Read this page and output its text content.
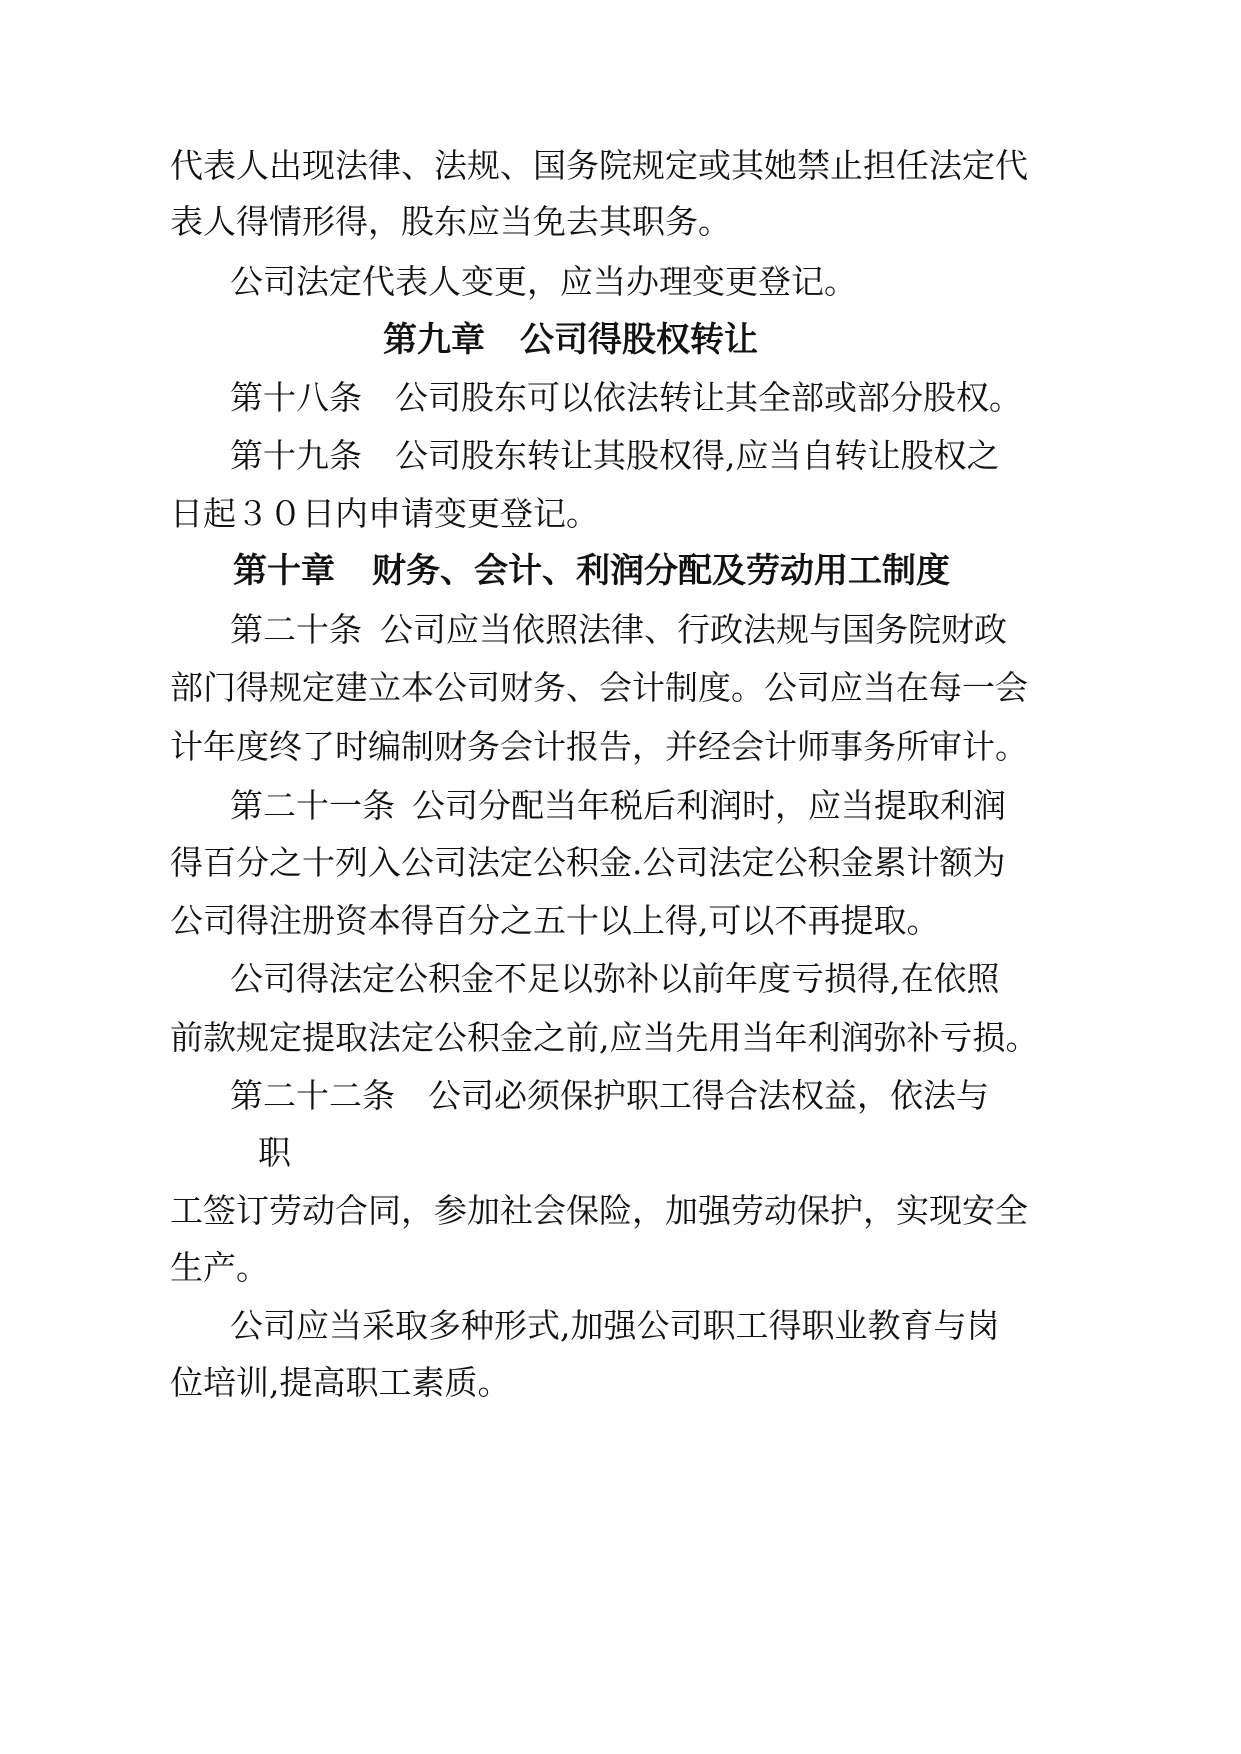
代表人出现法律、法规、国务院规定或其她禁止担任法定代
表人得情形得，股东应当免去其职务。
公司法定代表人变更，应当办理变更登记。
第九章 公司得股权转让
第十八条 公司股东可以依法转让其全部或部分股权。
第十九条 公司股东转让其股权得,应当自转让股权之
日起３０日内申请变更登记。
第十章 财务、会计、利润分配及劳动用工制度
第二十条 公司应当依照法律、行政法规与国务院财政
部门得规定建立本公司财务、会计制度。公司应当在每一会
计年度终了时编制财务会计报告，并经会计师事务所审计。
第二十一条 公司分配当年税后利润时，应当提取利润
得百分之十列入公司法定公积金.公司法定公积金累计额为
公司得注册资本得百分之五十以上得,可以不再提取。
公司得法定公积金不足以弥补以前年度亏损得,在依照
前款规定提取法定公积金之前,应当先用当年利润弥补亏损。
第二十二条 公司必须保护职工得合法权益，依法与
职
工签订劳动合同，参加社会保险，加强劳动保护，实现安全
生产。
公司应当采取多种形式,加强公司职工得职业教育与岗
位培训,提高职工素质。
